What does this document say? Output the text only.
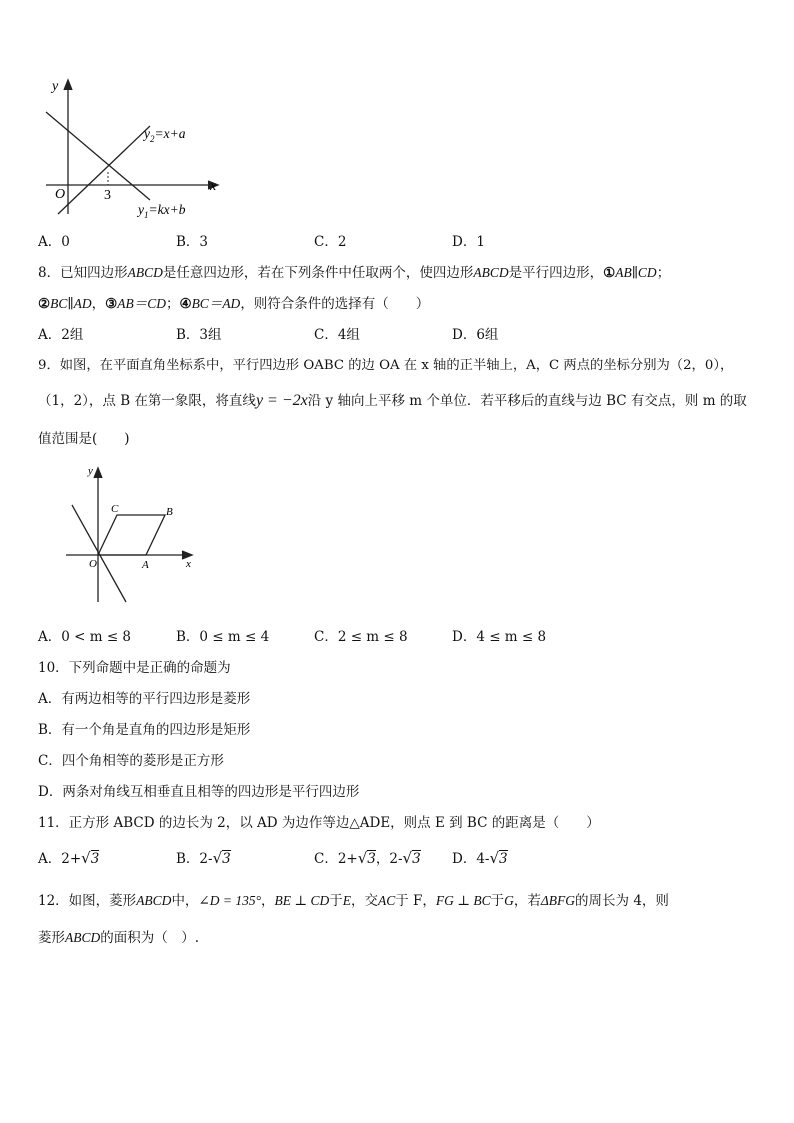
y
x
O	3
$y_2=x+a$
$y_1=kx+b$
A．0	B．3	C．2	D．1
8．已知四边形ABCD是任意四边形，若在下列条件中任取两个，使四边形ABCD是平行四边形，①AB∥CD；
②BC∥AD，③AB＝CD；④BC＝AD，则符合条件的选择有（　　）
A．2组	B．3组	C．4组	D．6组
9．如图，在平面直角坐标系中，平行四边形 OABC 的边 OA 在 x 轴的正半轴上，A，C 两点的坐标分别为（2，0），
（1，2），点 B 在第一象限，将直线y = −2x沿 y 轴向上平移 m 个单位．若平移后的直线与边 BC 有交点，则 m 的取
值范围是(　　)
y
x
O	A
B
C
A．0 < m ≤ 8	B．0 ≤ m ≤ 4	C．2 ≤ m ≤ 8	D．4 ≤ m ≤ 8
10．下列命题中是正确的命题为
A．有两边相等的平行四边形是菱形
B．有一个角是直角的四边形是矩形
C．四个角相等的菱形是正方形
D．两条对角线互相垂直且相等的四边形是平行四边形
11．正方形 ABCD 的边长为 2，以 AD 为边作等边△ADE，则点 E 到 BC 的距离是（　　）
A．2+√3	B．2-√3	C．2+√3，2-√3 D．4-√3
12．如图，菱形ABCD中，∠D = 135°，BE ⊥ CD于E，交AC于 F，FG ⊥ BC于G，若ΔBFG的周长为 4，则
菱形ABCD的面积为（　）.
